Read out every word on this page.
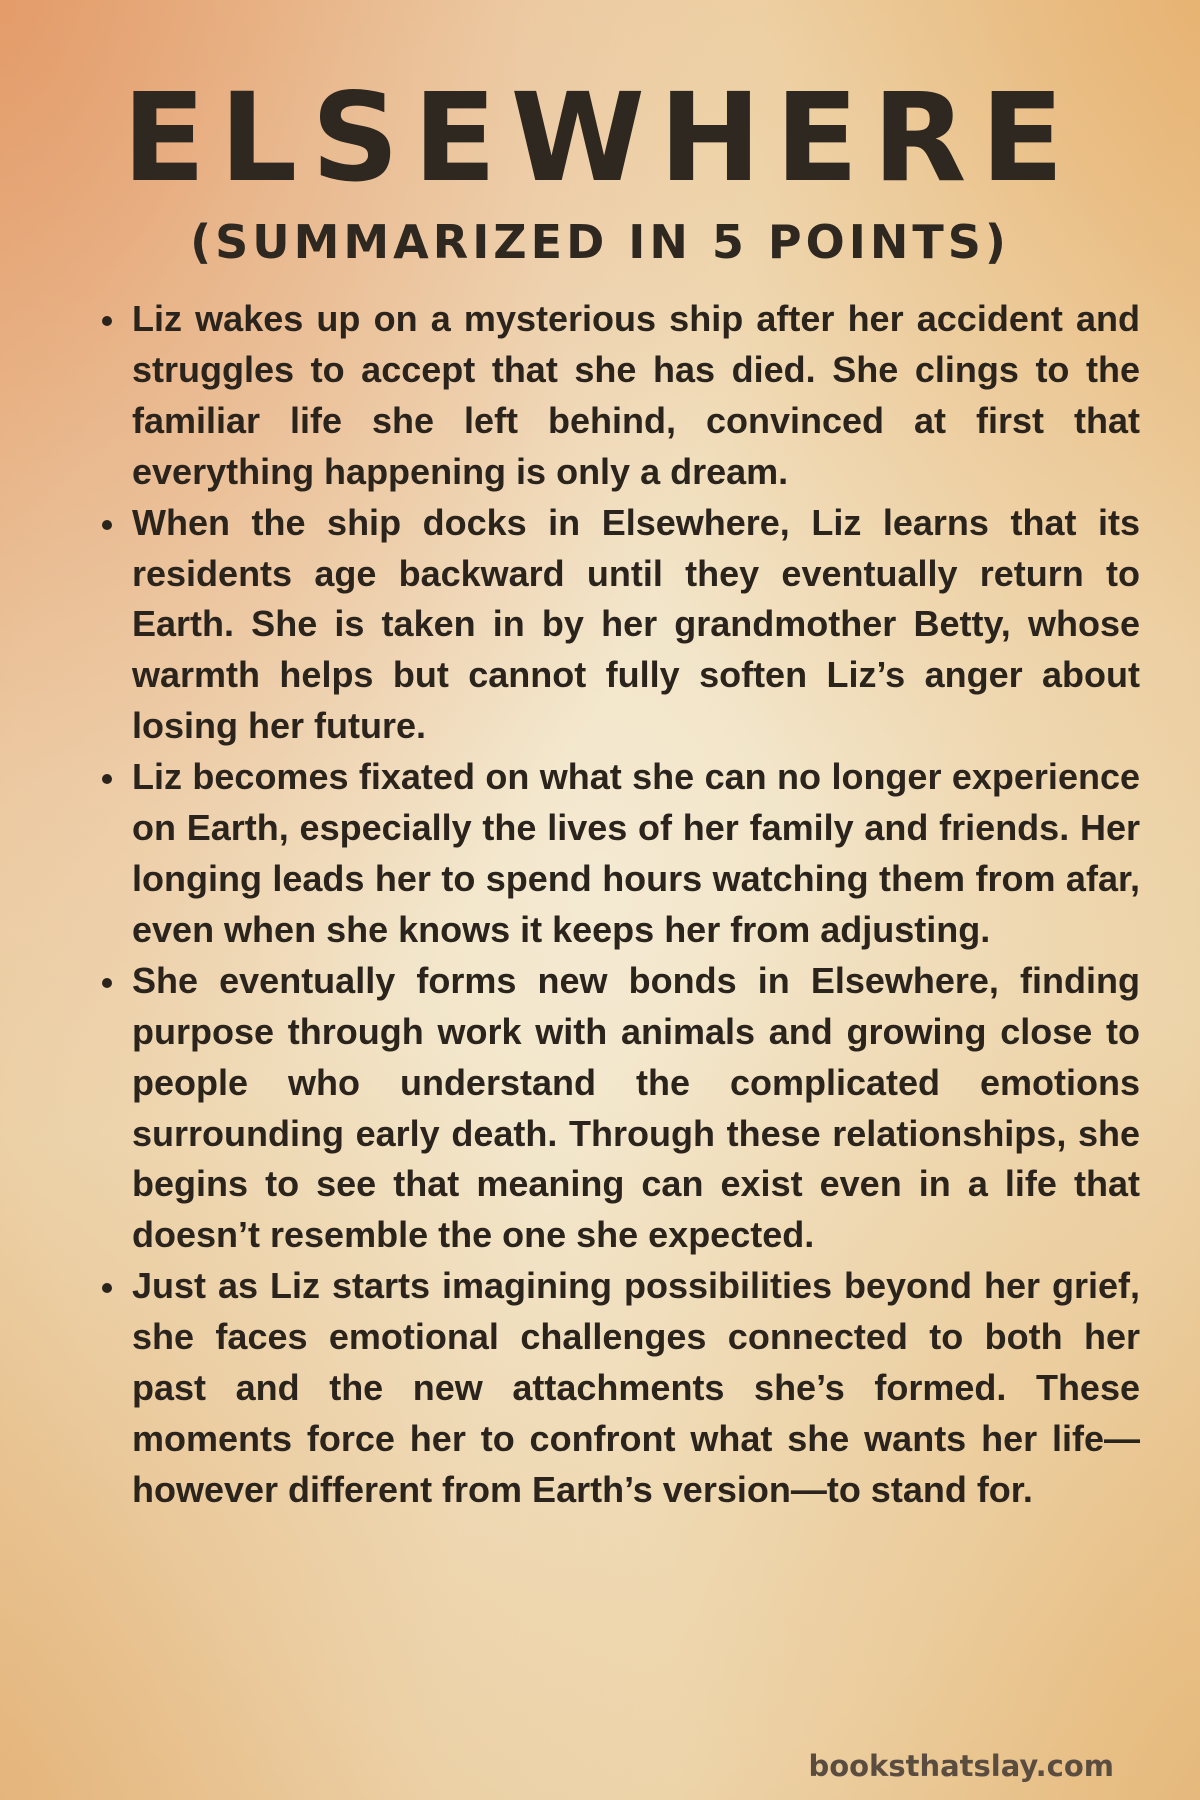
ELSEWHERE
(SUMMARIZED IN 5 POINTS)
Liz wakes up on a mysterious ship after her accident and struggles to accept that she has died. She clings to the familiar life she left behind, convinced at first that everything happening is only a dream.
When the ship docks in Elsewhere, Liz learns that its residents age backward until they eventually return to Earth. She is taken in by her grandmother Betty, whose warmth helps but cannot fully soften Liz’s anger about losing her future.
Liz becomes fixated on what she can no longer experience on Earth, especially the lives of her family and friends. Her longing leads her to spend hours watching them from afar, even when she knows it keeps her from adjusting.
She eventually forms new bonds in Elsewhere, finding purpose through work with animals and growing close to people who understand the complicated emotions surrounding early death. Through these relationships, she begins to see that meaning can exist even in a life that doesn’t resemble the one she expected.
Just as Liz starts imagining possibilities beyond her grief, she faces emotional challenges connected to both her past and the new attachments she’s formed. These moments force her to confront what she wants her life—however different from Earth’s version—to stand for.
booksthatslay.com
